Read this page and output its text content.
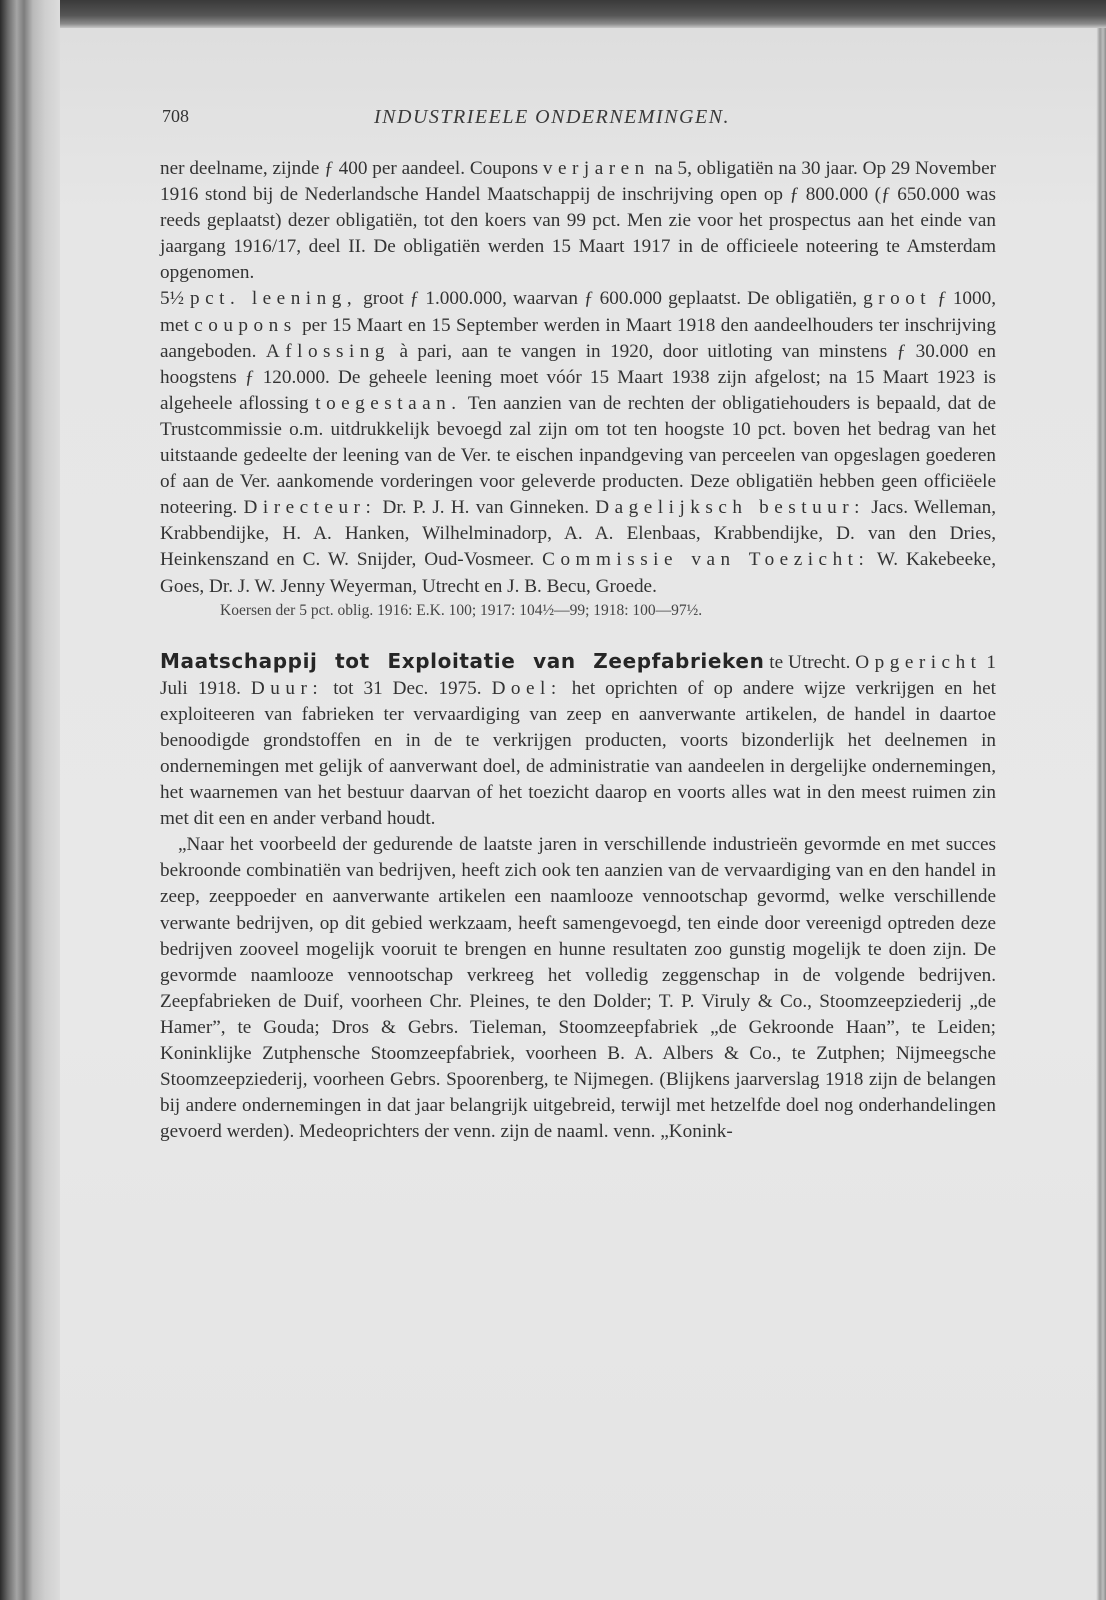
708	INDUSTRIEELE ONDERNEMINGEN.

ner deelname, zijnde ƒ 400 per aandeel. Coupons verjaren na 5, obligatiën na 30 jaar. Op 29 November 1916 stond bij de Nederlandsche Handel Maatschappij de inschrijving open op ƒ 800.000 (ƒ 650.000 was reeds geplaatst) dezer obligatiën, tot den koers van 99 pct. Men zie voor het prospectus aan het einde van jaargang 1916/17, deel II. De obligatiën werden 15 Maart 1917 in de officieele noteering te Amsterdam opgenomen.

5½ pct. leening, groot ƒ 1.000.000, waarvan ƒ 600.000 geplaatst. De obligatiën, groot ƒ 1000, met coupons per 15 Maart en 15 September werden in Maart 1918 den aandeelhouders ter inschrijving aangeboden. Aflossing à pari, aan te vangen in 1920, door uitloting van minstens ƒ 30.000 en hoogstens ƒ 120.000. De geheele leening moet vóór 15 Maart 1938 zijn afgelost; na 15 Maart 1923 is algeheele aflossing toegestaan. Ten aanzien van de rechten der obligatiehouders is bepaald, dat de Trustcommissie o.m. uitdrukkelijk bevoegd zal zijn om tot ten hoogste 10 pct. boven het bedrag van het uitstaande gedeelte der leening van de Ver. te eischen inpandgeving van perceelen van opgeslagen goederen of aan de Ver. aankomende vorderingen voor geleverde producten. Deze obligatiën hebben geen officiëele noteering. Directeur: Dr. P. J. H. van Ginneken. Dagelijksch bestuur: Jacs. Welleman, Krabbendijke, H. A. Hanken, Wilhelminadorp, A. A. Elenbaas, Krabbendijke, D. van den Dries, Heinkenszand en C. W. Snijder, Oud-Vosmeer. Commissie van Toezicht: W. Kakebeeke, Goes, Dr. J. W. Jenny Weyerman, Utrecht en J. B. Becu, Groede.

Koersen der 5 pct. oblig. 1916: E.K. 100; 1917: 104½—99; 1918: 100—97½.

Maatschappij tot Exploitatie van Zeepfabrieken te Utrecht. Opgericht 1 Juli 1918. Duur: tot 31 Dec. 1975. Doel: het oprichten of op andere wijze verkrijgen en het exploiteeren van fabrieken ter vervaardiging van zeep en aanverwante artikelen, de handel in daartoe benoodigde grondstoffen en in de te verkrijgen producten, voorts bizonderlijk het deelnemen in ondernemingen met gelijk of aanverwant doel, de administratie van aandeelen in dergelijke ondernemingen, het waarnemen van het bestuur daarvan of het toezicht daarop en voorts alles wat in den meest ruimen zin met dit een en ander verband houdt.

„Naar het voorbeeld der gedurende de laatste jaren in verschillende industrieën gevormde en met succes bekroonde combinatiën van bedrijven, heeft zich ook ten aanzien van de vervaardiging van en den handel in zeep, zeeppoeder en aanverwante artikelen een naamlooze vennootschap gevormd, welke verschillende verwante bedrijven, op dit gebied werkzaam, heeft samengevoegd, ten einde door vereenigd optreden deze bedrijven zooveel mogelijk vooruit te brengen en hunne resultaten zoo gunstig mogelijk te doen zijn. De gevormde naamlooze vennootschap verkreeg het volledig zeggenschap in de volgende bedrijven. Zeepfabrieken de Duif, voorheen Chr. Pleines, te den Dolder; T. P. Viruly & Co., Stoomzeepziederij „de Hamer”, te Gouda; Dros & Gebrs. Tieleman, Stoomzeepfabriek „de Gekroonde Haan”, te Leiden; Koninklijke Zutphensche Stoomzeepfabriek, voorheen B. A. Albers & Co., te Zutphen; Nijmeegsche Stoomzeepziederij, voorheen Gebrs. Spoorenberg, te Nijmegen. (Blijkens jaarverslag 1918 zijn de belangen bij andere ondernemingen in dat jaar belangrijk uitgebreid, terwijl met hetzelfde doel nog onderhandelingen gevoerd werden). Medeoprichters der venn. zijn de naaml. venn. „Konink-
